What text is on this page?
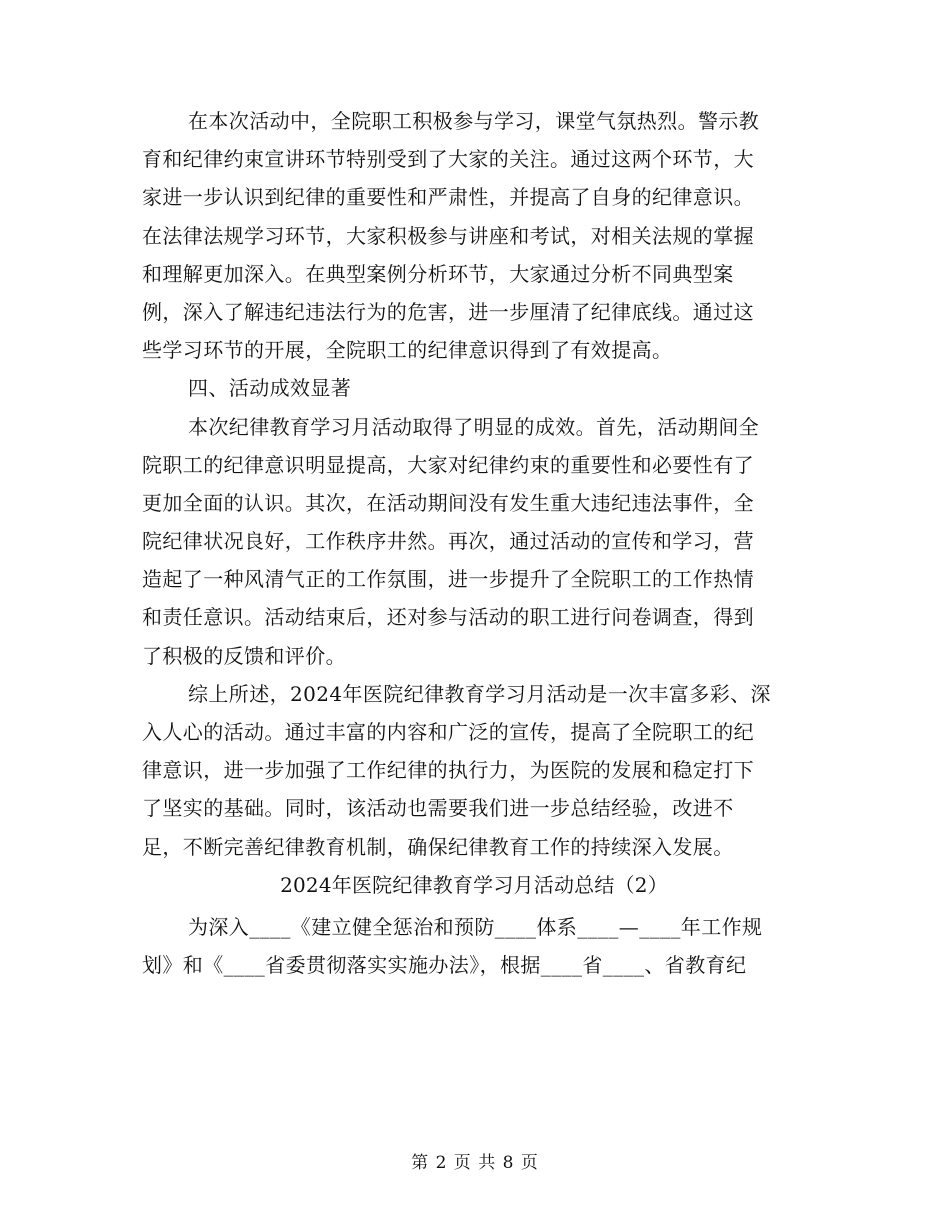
在本次活动中，全院职工积极参与学习，课堂气氛热烈。警示教
育和纪律约束宣讲环节特别受到了大家的关注。通过这两个环节，大
家进一步认识到纪律的重要性和严肃性，并提高了自身的纪律意识。
在法律法规学习环节，大家积极参与讲座和考试，对相关法规的掌握
和理解更加深入。在典型案例分析环节，大家通过分析不同典型案
例，深入了解违纪违法行为的危害，进一步厘清了纪律底线。通过这
些学习环节的开展，全院职工的纪律意识得到了有效提高。
四、活动成效显著
本次纪律教育学习月活动取得了明显的成效。首先，活动期间全
院职工的纪律意识明显提高，大家对纪律约束的重要性和必要性有了
更加全面的认识。其次，在活动期间没有发生重大违纪违法事件，全
院纪律状况良好，工作秩序井然。再次，通过活动的宣传和学习，营
造起了一种风清气正的工作氛围，进一步提升了全院职工的工作热情
和责任意识。活动结束后，还对参与活动的职工进行问卷调查，得到
了积极的反馈和评价。
综上所述，2024年医院纪律教育学习月活动是一次丰富多彩、深
入人心的活动。通过丰富的内容和广泛的宣传，提高了全院职工的纪
律意识，进一步加强了工作纪律的执行力，为医院的发展和稳定打下
了坚实的基础。同时，该活动也需要我们进一步总结经验，改进不
足，不断完善纪律教育机制，确保纪律教育工作的持续深入发展。
2024年医院纪律教育学习月活动总结（2）
为深入____《建立健全惩治和预防____体系____—____年工作规
划》和《____省委贯彻落实实施办法》，根据____省____、省教育纪
第 2 页 共 8 页
